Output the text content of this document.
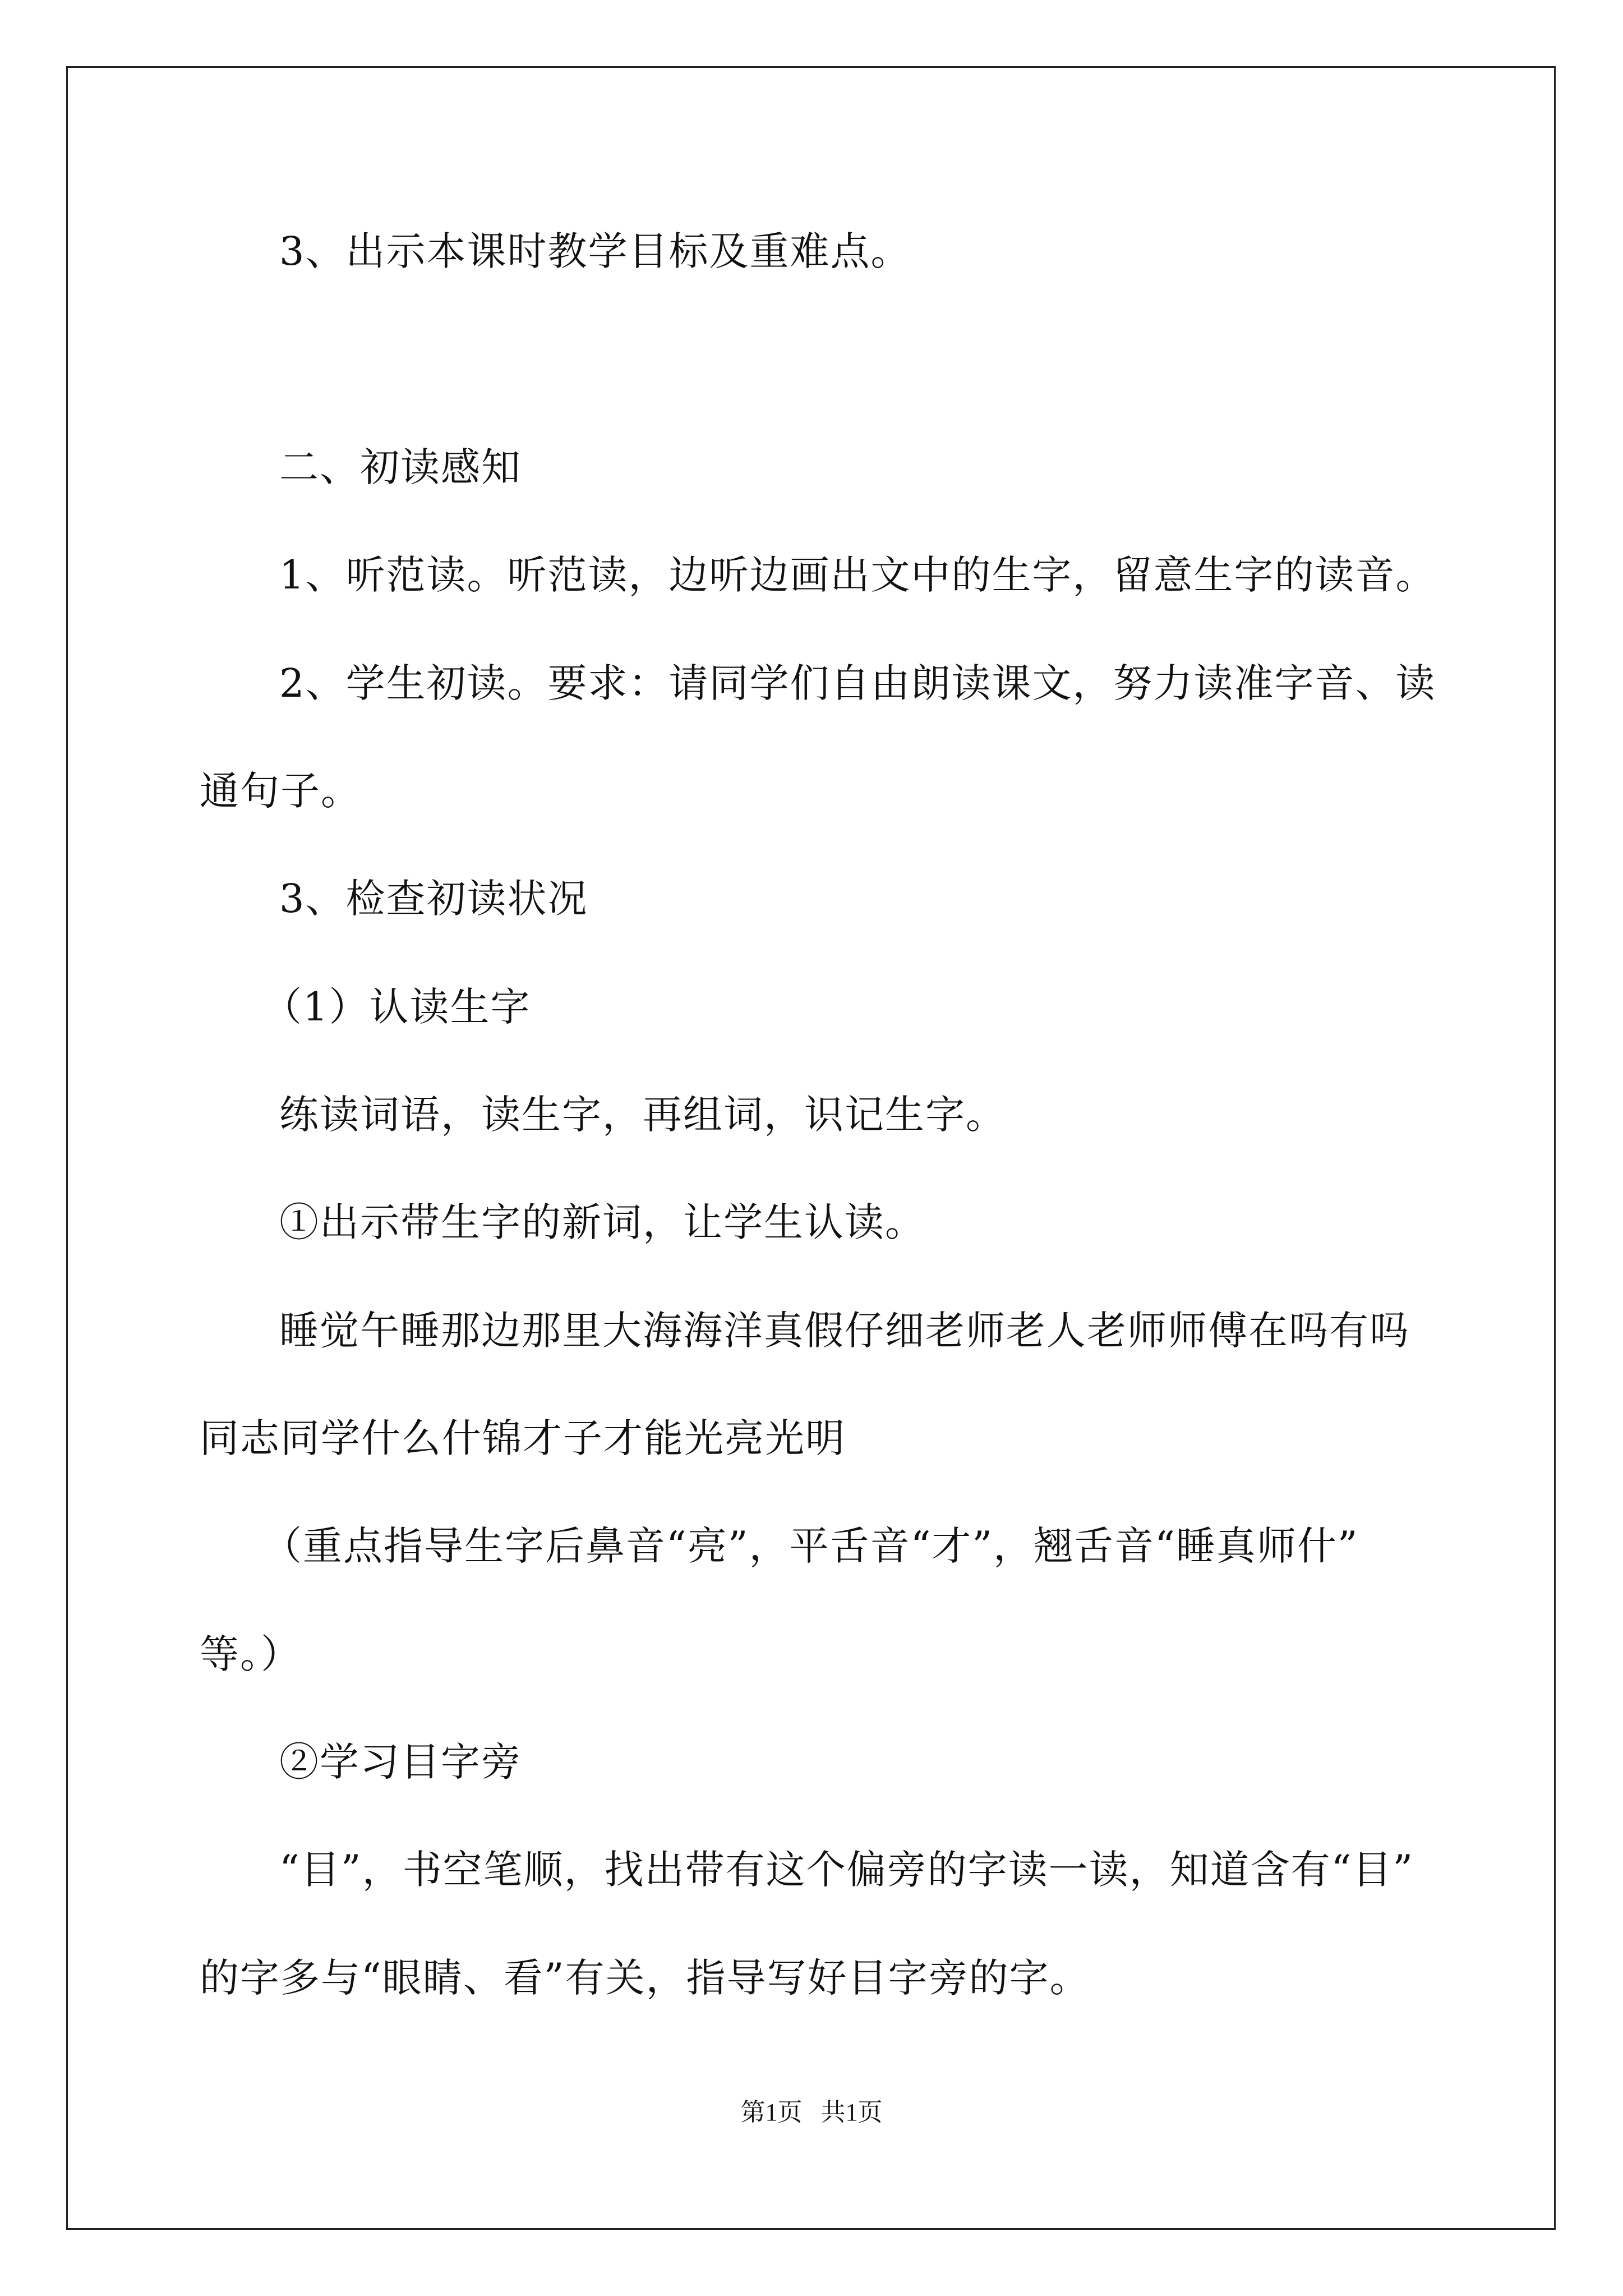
3、出示本课时教学目标及重难点。
二、初读感知
1、听范读。听范读，边听边画出文中的生字，留意生字的读音。
2、学生初读。要求：请同学们自由朗读课文，努力读准字音、读
通句子。
3、检查初读状况
（1）认读生字
练读词语，读生字，再组词，识记生字。
①出示带生字的新词，让学生认读。
睡觉午睡那边那里大海海洋真假仔细老师老人老师师傅在吗有吗
同志同学什么什锦才子才能光亮光明
（重点指导生字后鼻音“亮”，平舌音“才”，翘舌音“睡真师什”
等。）
②学习目字旁
“目”，书空笔顺，找出带有这个偏旁的字读一读，知道含有“目”
的字多与“眼睛、看”有关，指导写好目字旁的字。
第1页   共1页
